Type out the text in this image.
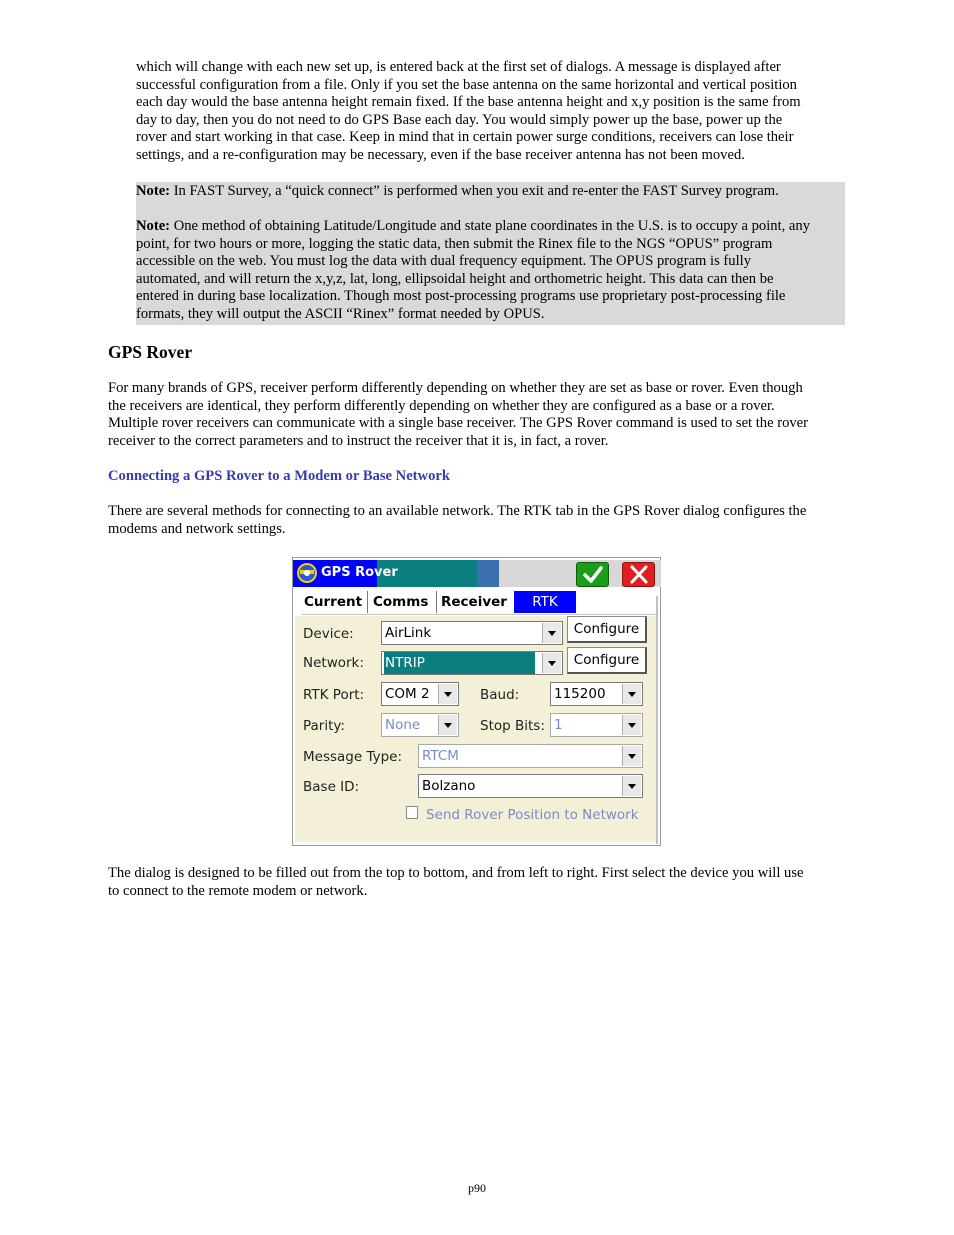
which will change with each new set up, is entered back at the first set of dialogs. A message is displayed after
successful configuration from a file. Only if you set the base antenna on the same horizontal and vertical position
each day would the base antenna height remain fixed. If the base antenna height and x,y position is the same from
day to day, then you do not need to do GPS Base each day. You would simply power up the base, power up the
rover and start working in that case. Keep in mind that in certain power surge conditions, receivers can lose their
settings, and a re-configuration may be necessary, even if the base receiver antenna has not been moved.
Note: In FAST Survey, a “quick connect” is performed when you exit and re-enter the FAST Survey program.
Note: One method of obtaining Latitude/Longitude and state plane coordinates in the U.S. is to occupy a point, any
point, for two hours or more, logging the static data, then submit the Rinex file to the NGS “OPUS” program
accessible on the web. You must log the data with dual frequency equipment. The OPUS program is fully
automated, and will return the x,y,z, lat, long, ellipsoidal height and orthometric height. This data can then be
entered in during base localization. Though most post-processing programs use proprietary post-processing file
formats, they will output the ASCII “Rinex” format needed by OPUS.
GPS Rover
For many brands of GPS, receiver perform differently depending on whether they are set as base or rover. Even though
the receivers are identical, they perform differently depending on whether they are configured as a base or a rover.
Multiple rover receivers can communicate with a single base receiver. The GPS Rover command is used to set the rover
receiver to the correct parameters and to instruct the receiver that it is, in fact, a rover.
Connecting a GPS Rover to a Modem or Base Network
There are several methods for connecting to an available network. The RTK tab in the GPS Rover dialog configures the
modems and network settings.
GPS Rover
Current Comms Receiver	RTK
Device: AirLink	Configure
Network: NTRIP	Configure
RTK Port: COM 2	Baud:	115200
Parity:	None	Stop Bits: 1
Message Type: RTCM
Base ID:	Bolzano
Send Rover Position to Network
The dialog is designed to be filled out from the top to bottom, and from left to right. First select the device you will use
to connect to the remote modem or network.
p90
